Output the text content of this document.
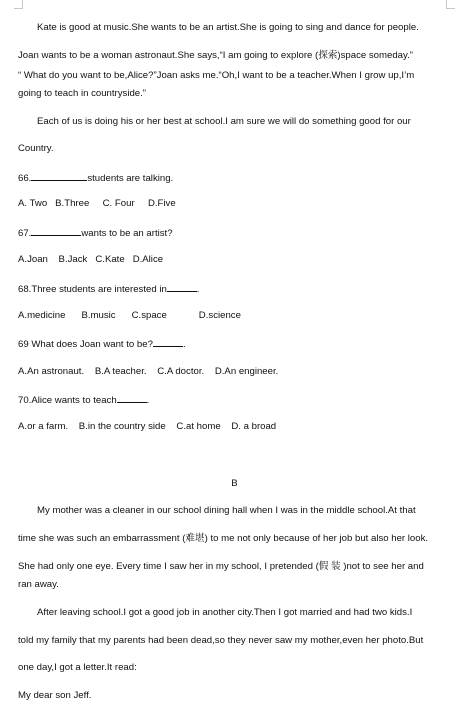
Kate is good at music.She wants to be an artist.She is going to sing and dance for people.
Joan wants to be a woman astronaut.She says,“I am going to explore (探索)space someday.”
“ What do you want to be,Alice?”Joan asks me.“Oh,I want to be a teacher.When I grow up,I’m
going to teach in countryside.”
Each of us is doing his or her best at school.I am sure we will do something good for our
Country.
66.	students are talking.
A. Two B.Three C. Four D.Five
67.	wants to be an artist?
A.Joan B.Jack C.Kate D.Alice
68.Three students are interested in	.
A.medicine B.music C.space	D.science
69 What does Joan want to be?	.
A.An astronaut. B.A teacher. C.A doctor. D.An engineer.
70.Alice wants to teach	.
A.or a farm. B.in the country side C.at home D. a broad
B
My mother was a cleaner in our school dining hall when I was in the middle school.At that
time she was such an embarrassment (难堪) to me not only because of her job but also her look.
She had only one eye. Every time I saw her in my school, I pretended (假 装 )not to see her and
ran away.
After leaving school.I got a good job in another city.Then I got married and had two kids.I
told my family that my parents had been dead,so they never saw my mother,even her photo.But
one day,I got a letter.It read:
My dear son Jeff.
